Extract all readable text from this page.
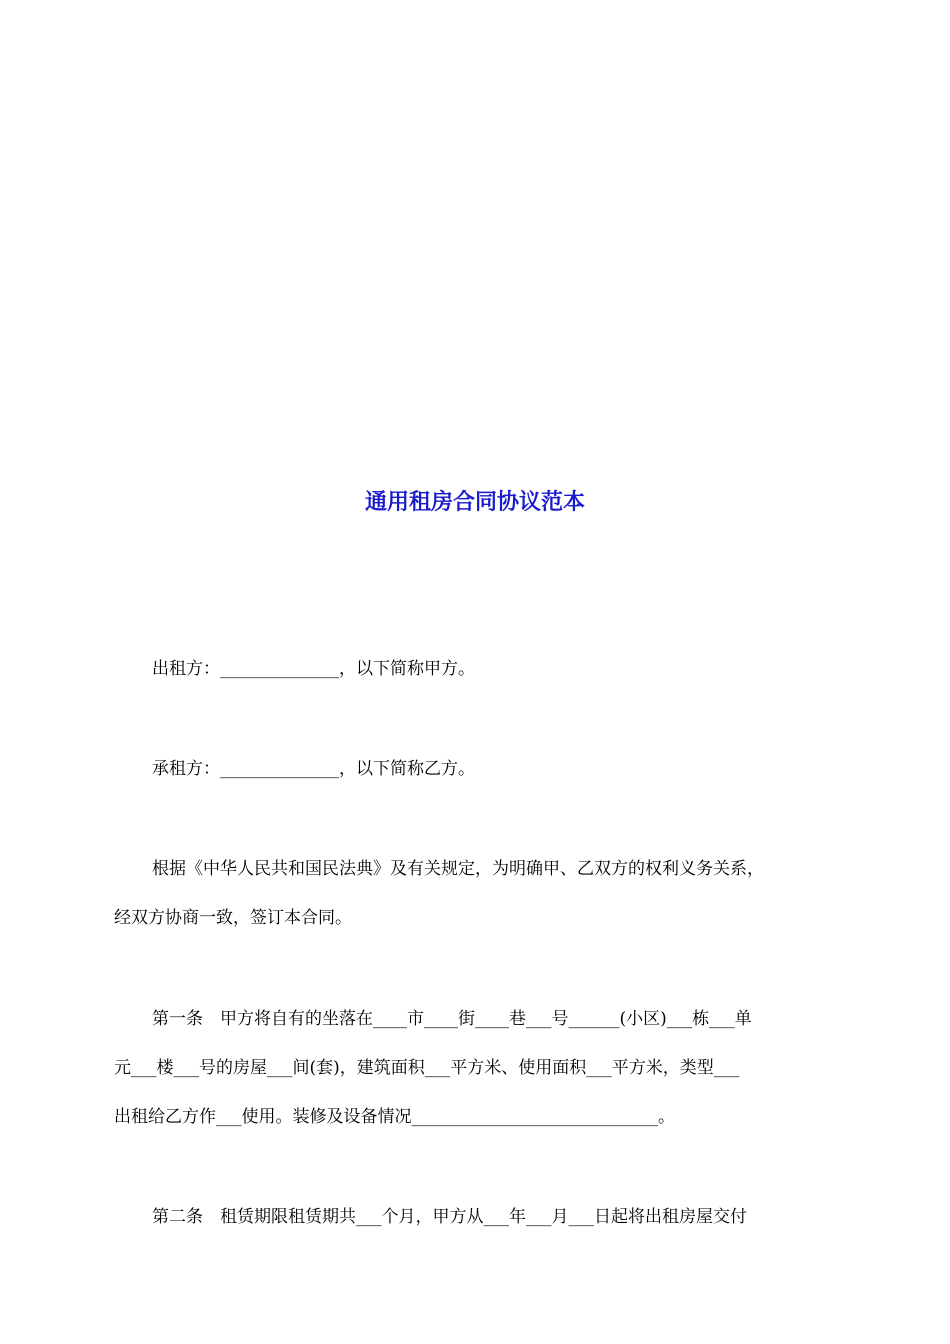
通用租房合同协议范本
出租方：______________，以下简称甲方。
承租方：______________，以下简称乙方。
根据《中华人民共和国民法典》及有关规定，为明确甲、乙双方的权利义务关系，
经双方协商一致，签订本合同。
第一条　甲方将自有的坐落在____市____街____巷___号______(小区)___栋___单
元___楼___号的房屋___间(套)，建筑面积___平方米、使用面积___平方米，类型___
出租给乙方作___使用。装修及设备情况_____________________________。
第二条　租赁期限租赁期共___个月，甲方从___年___月___日起将出租房屋交付
